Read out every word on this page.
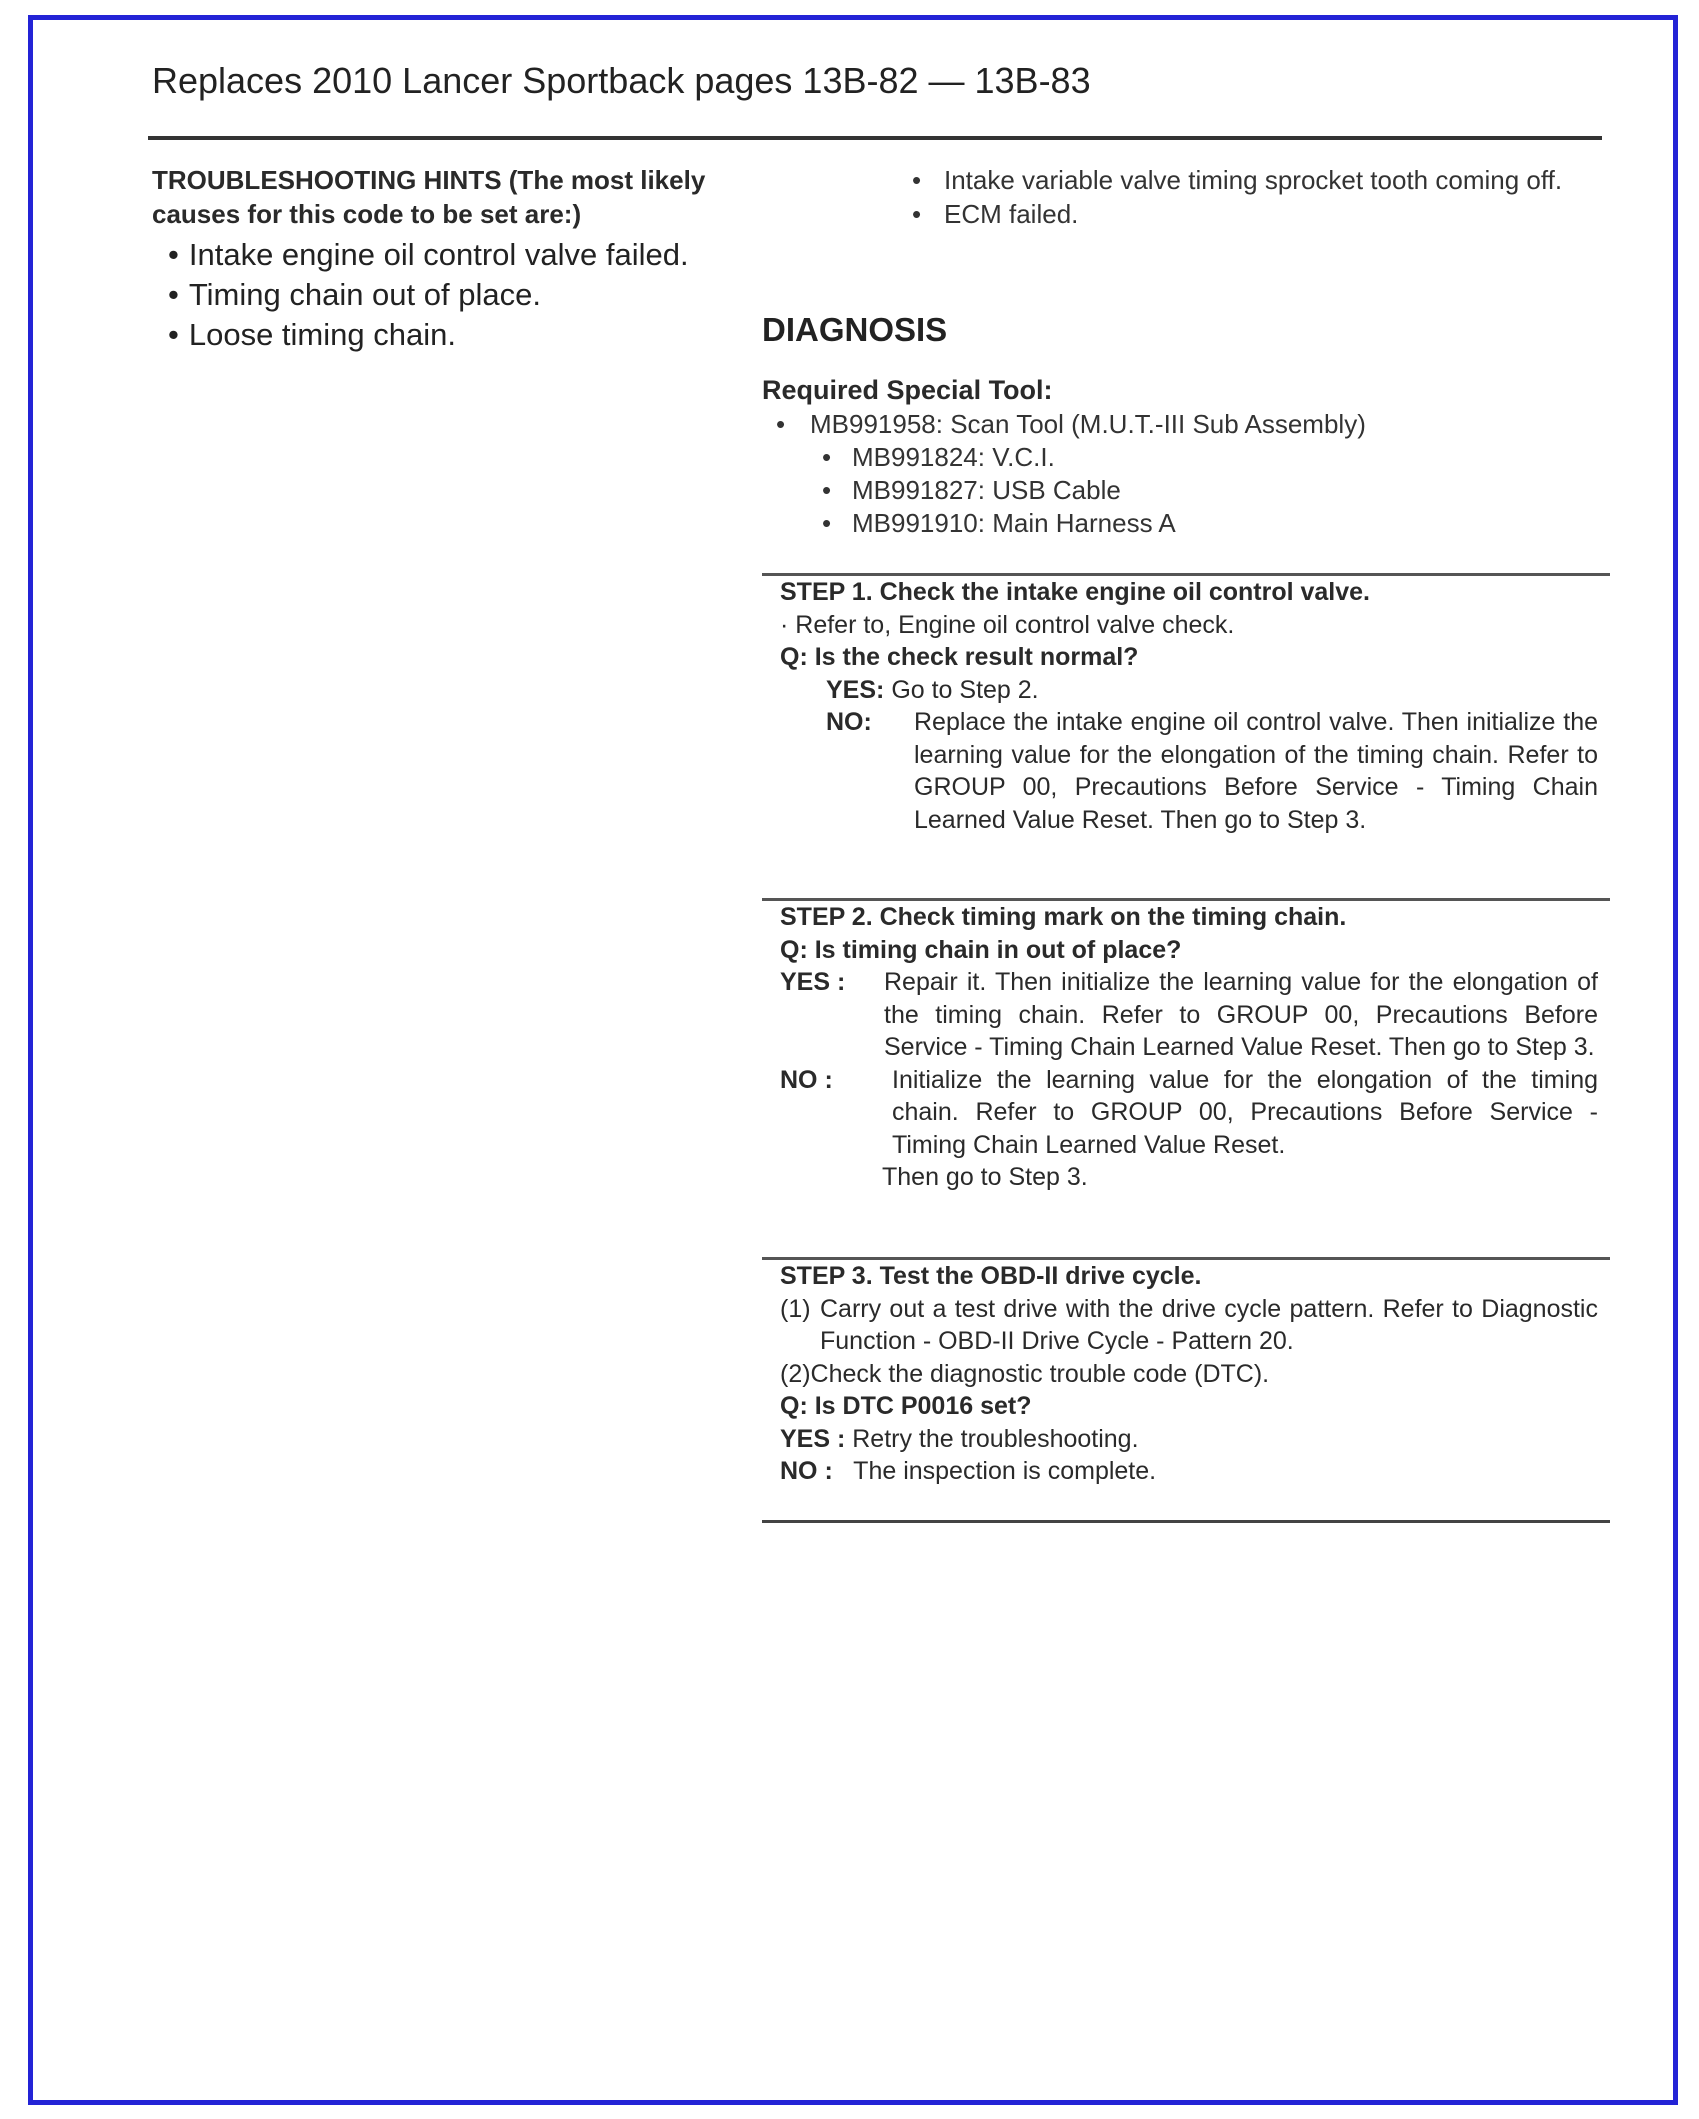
Replaces 2010 Lancer Sportback pages 13B-82 — 13B-83
TROUBLESHOOTING HINTS (The most likely
causes for this code to be set are:)
• Intake engine oil control valve failed.
• Timing chain out of place.
• Loose timing chain.
• Intake variable valve timing sprocket tooth coming off.
• ECM failed.
DIAGNOSIS
Required Special Tool:
• MB991958: Scan Tool (M.U.T.-III Sub Assembly)
• MB991824: V.C.I.
• MB991827: USB Cable
• MB991910: Main Harness A
STEP 1. Check the intake engine oil control valve.
· Refer to, Engine oil control valve check.
Q: Is the check result normal?
YES: Go to Step 2.
NO:	Replace the intake engine oil control valve. Then initialize the learning value for the elongation of the timing chain. Refer to GROUP 00, Precautions Before Service - Timing Chain Learned Value Reset. Then go to Step 3.
STEP 2. Check timing mark on the timing chain.
Q: Is timing chain in out of place?
YES :	Repair it. Then initialize the learning value for the elongation of the timing chain. Refer to GROUP 00, Precautions Before Service - Timing Chain Learned Value Reset. Then go to Step 3.
NO :	Initialize the learning value for the elongation of the timing chain. Refer to GROUP 00, Precautions Before Service - Timing Chain Learned Value Reset.
Then go to Step 3.
STEP 3. Test the OBD-II drive cycle.
(1) Carry out a test drive with the drive cycle pattern. Refer to Diagnostic Function - OBD-II Drive Cycle - Pattern 20.
(2)Check the diagnostic trouble code (DTC).
Q: Is DTC P0016 set?
YES : Retry the troubleshooting.
NO : The inspection is complete.
